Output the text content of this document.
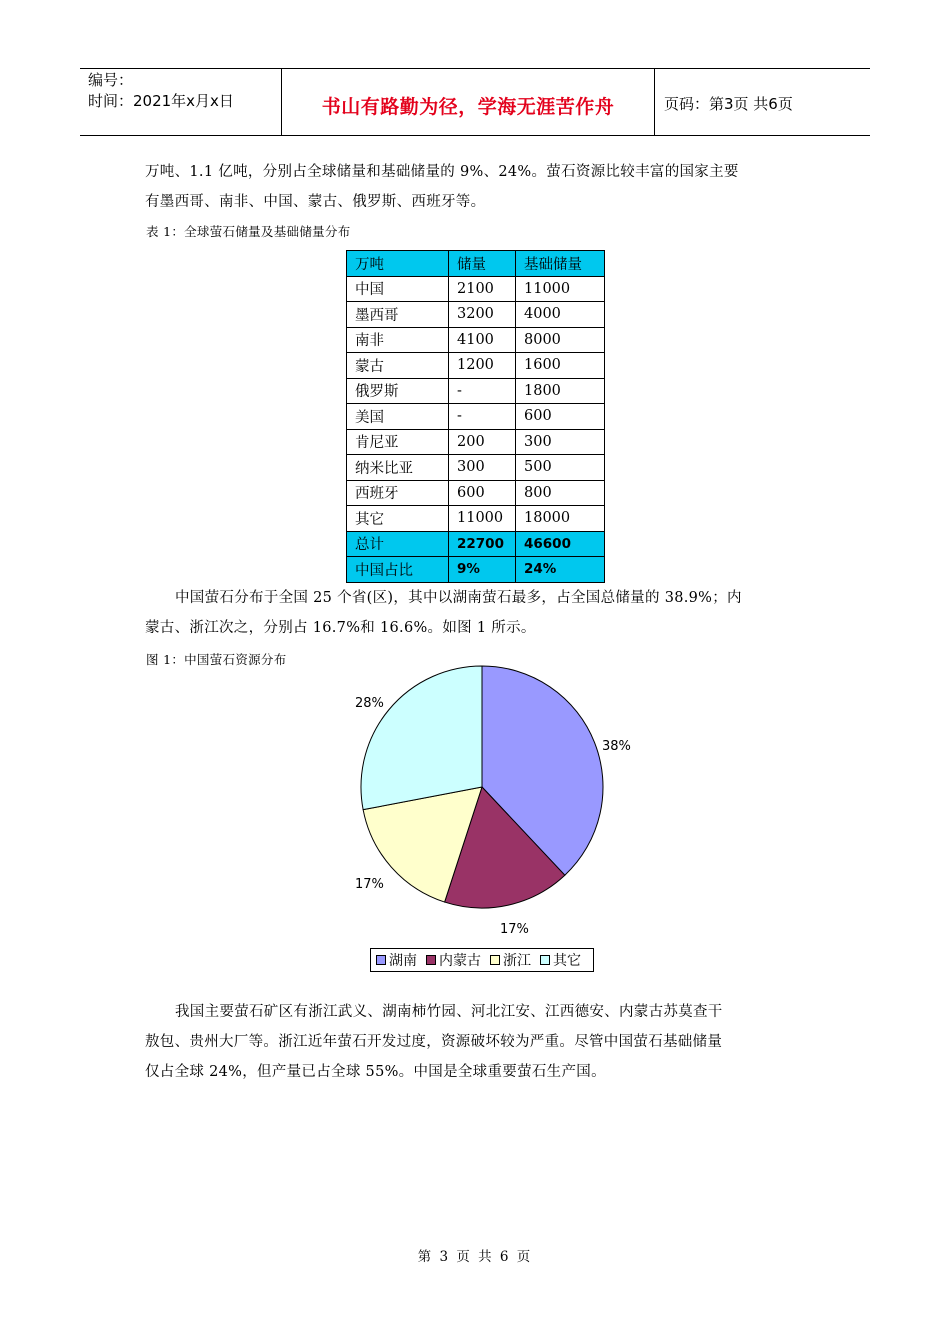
编号：
时间：2021年x月x日	书山有路勤为径，学海无涯苦作舟	页码：第3页 共6页
万吨、1.1 亿吨，分别占全球储量和基础储量的 9%、24%。萤石资源比较丰富的国家主要
有墨西哥、南非、中国、蒙古、俄罗斯、西班牙等。
表 1：全球萤石储量及基础储量分布
万吨	储量	基础储量
中国	2100	11000
墨西哥	3200	4000
南非	4100	8000
蒙古	1200	1600
俄罗斯	-	1800
美国	-	600
肯尼亚	200	300
纳米比亚	300	500
西班牙	600	800
其它	11000	18000
总计	22700	46600
中国占比	9%	24%
中国萤石分布于全国 25 个省(区)，其中以湖南萤石最多，占全国总储量的 38.9%；内
蒙古、浙江次之，分别占 16.7%和 16.6%。如图 1 所示。
图 1：中国萤石资源分布
38%
17%
17%
28%
湖南 内蒙古 浙江 其它
我国主要萤石矿区有浙江武义、湖南柿竹园、河北江安、江西德安、内蒙古苏莫查干
敖包、贵州大厂等。浙江近年萤石开发过度，资源破坏较为严重。尽管中国萤石基础储量
仅占全球 24%，但产量已占全球 55%。中国是全球重要萤石生产国。
第 3 页 共 6 页
